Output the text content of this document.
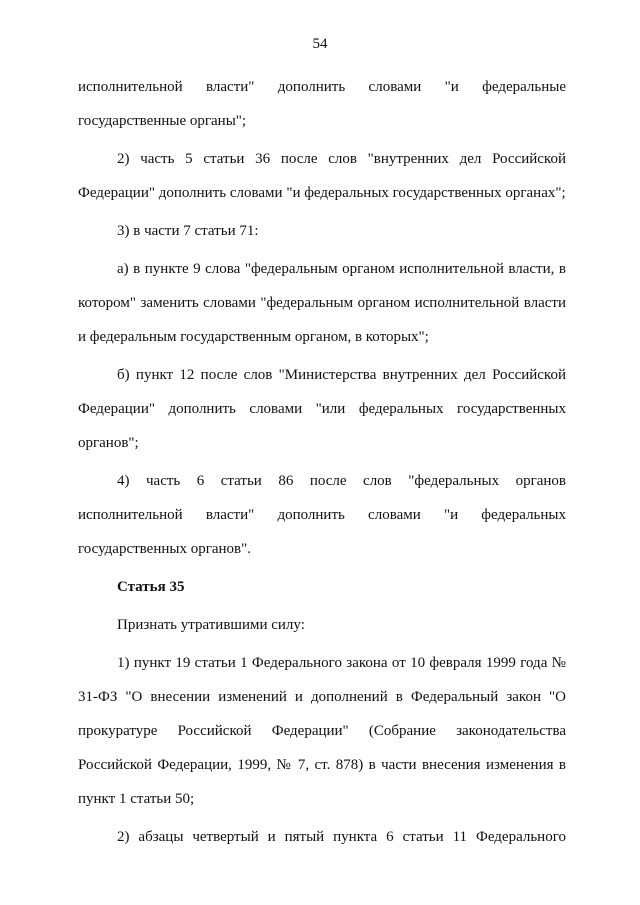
54

исполнительной власти" дополнить словами "и федеральные государственные органы";

2) часть 5 статьи 36 после слов "внутренних дел Российской Федерации" дополнить словами "и федеральных государственных органах";

3) в части 7 статьи 71:

а) в пункте 9 слова "федеральным органом исполнительной власти, в котором" заменить словами "федеральным органом исполнительной власти и федеральным государственным органом, в которых";

б) пункт 12 после слов "Министерства внутренних дел Российской Федерации" дополнить словами "или федеральных государственных органов";

4) часть 6 статьи 86 после слов "федеральных органов исполнительной власти" дополнить словами "и федеральных государственных органов".

Статья 35

Признать утратившими силу:

1) пункт 19 статьи 1 Федерального закона от 10 февраля 1999 года № 31-ФЗ "О внесении изменений и дополнений в Федеральный закон "О прокуратуре Российской Федерации" (Собрание законодательства Российской Федерации, 1999, № 7, ст. 878) в части внесения изменения в пункт 1 статьи 50;

2) абзацы четвертый и пятый пункта 6 статьи 11 Федерального
